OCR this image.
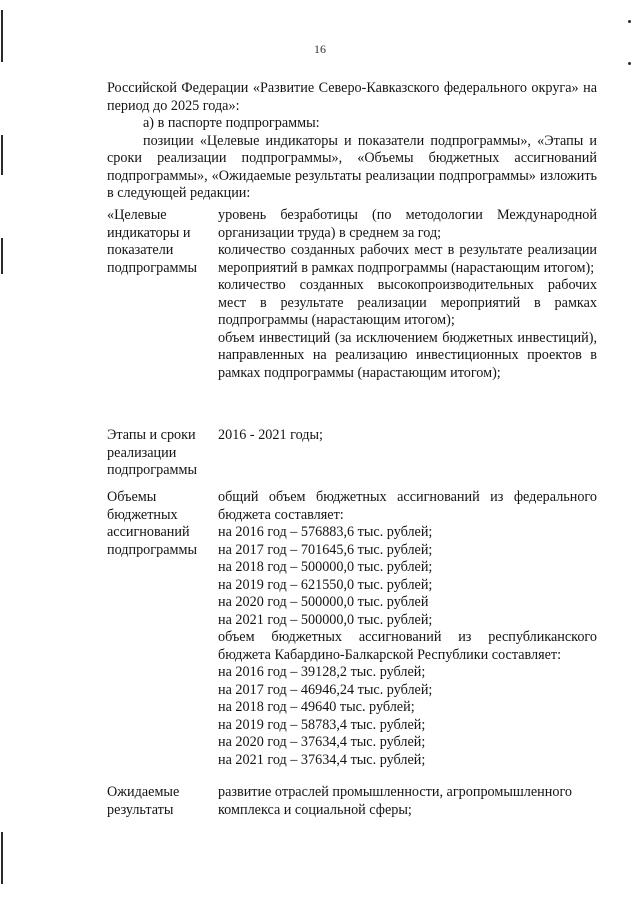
16

Российской Федерации «Развитие Северо-Кавказского федерального округа» на период до 2025 года»:

а) в паспорте подпрограммы:

позиции «Целевые индикаторы и показатели подпрограммы», «Этапы и сроки реализации подпрограммы», «Объемы бюджетных ассигнований подпрограммы», «Ожидаемые результаты реализации подпрограммы» изложить в следующей редакции:

«Целевые индикаторы и показатели подпрограммы

уровень безработицы (по методологии Международной организации труда) в среднем за год;

количество созданных рабочих мест в результате реализации мероприятий в рамках подпрограммы (нарастающим итогом);

количество созданных высокопроизводительных рабочих мест в результате реализации мероприятий в рамках подпрограммы (нарастающим итогом);

объем инвестиций (за исключением бюджетных инвестиций), направленных на реализацию инвестиционных проектов в рамках подпрограммы (нарастающим итогом);

Этапы и сроки реализации подпрограммы

2016 - 2021 годы;

Объемы бюджетных ассигнований подпрограммы

общий объем бюджетных ассигнований из федерального бюджета составляет:

на 2016 год – 576883,6 тыс. рублей;

на 2017 год – 701645,6 тыс. рублей;

на 2018 год – 500000,0 тыс. рублей;

на 2019 год – 621550,0 тыс. рублей;

на 2020 год – 500000,0 тыс. рублей

на 2021 год – 500000,0 тыс. рублей;

объем бюджетных ассигнований из республиканского бюджета Кабардино-Балкарской Республики составляет:

на 2016 год – 39128,2 тыс. рублей;

на 2017 год – 46946,24 тыс. рублей;

на 2018 год – 49640 тыс. рублей;

на 2019 год – 58783,4 тыс. рублей;

на 2020 год – 37634,4 тыс. рублей;

на 2021 год – 37634,4 тыс. рублей;

Ожидаемые результаты

развитие отраслей промышленности, агропромышленного комплекса и социальной сферы;
